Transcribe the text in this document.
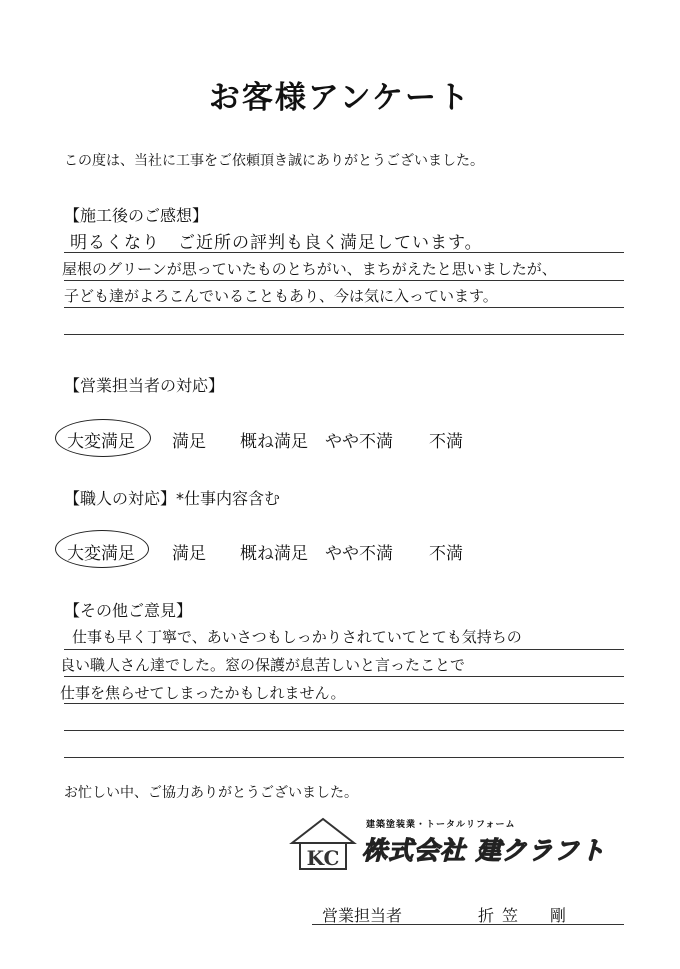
お客様アンケート
この度は、当社に工事をご依頼頂き誠にありがとうございました。
【施工後のご感想】
明るくなり　ご近所の評判も良く満足しています。
屋根のグリーンが思っていたものとちがい、まちがえたと思いましたが、
子ども達がよろこんでいることもあり、今は気に入っています。
【営業担当者の対応】
大変満足 満足 概ね満足 やや不満 不満
【職人の対応】*仕事内容含む
大変満足 満足 概ね満足 やや不満 不満
【その他ご意見】
仕事も早く丁寧で、あいさつもしっかりされていてとても気持ちの
良い職人さん達でした。窓の保護が息苦しいと言ったことで
仕事を焦らせてしまったかもしれません。
お忙しい中、ご協力ありがとうございました。
KC
建築塗装業・トータルリフォーム
株式会社 建クラフト
営業担当者	折笠　剛
